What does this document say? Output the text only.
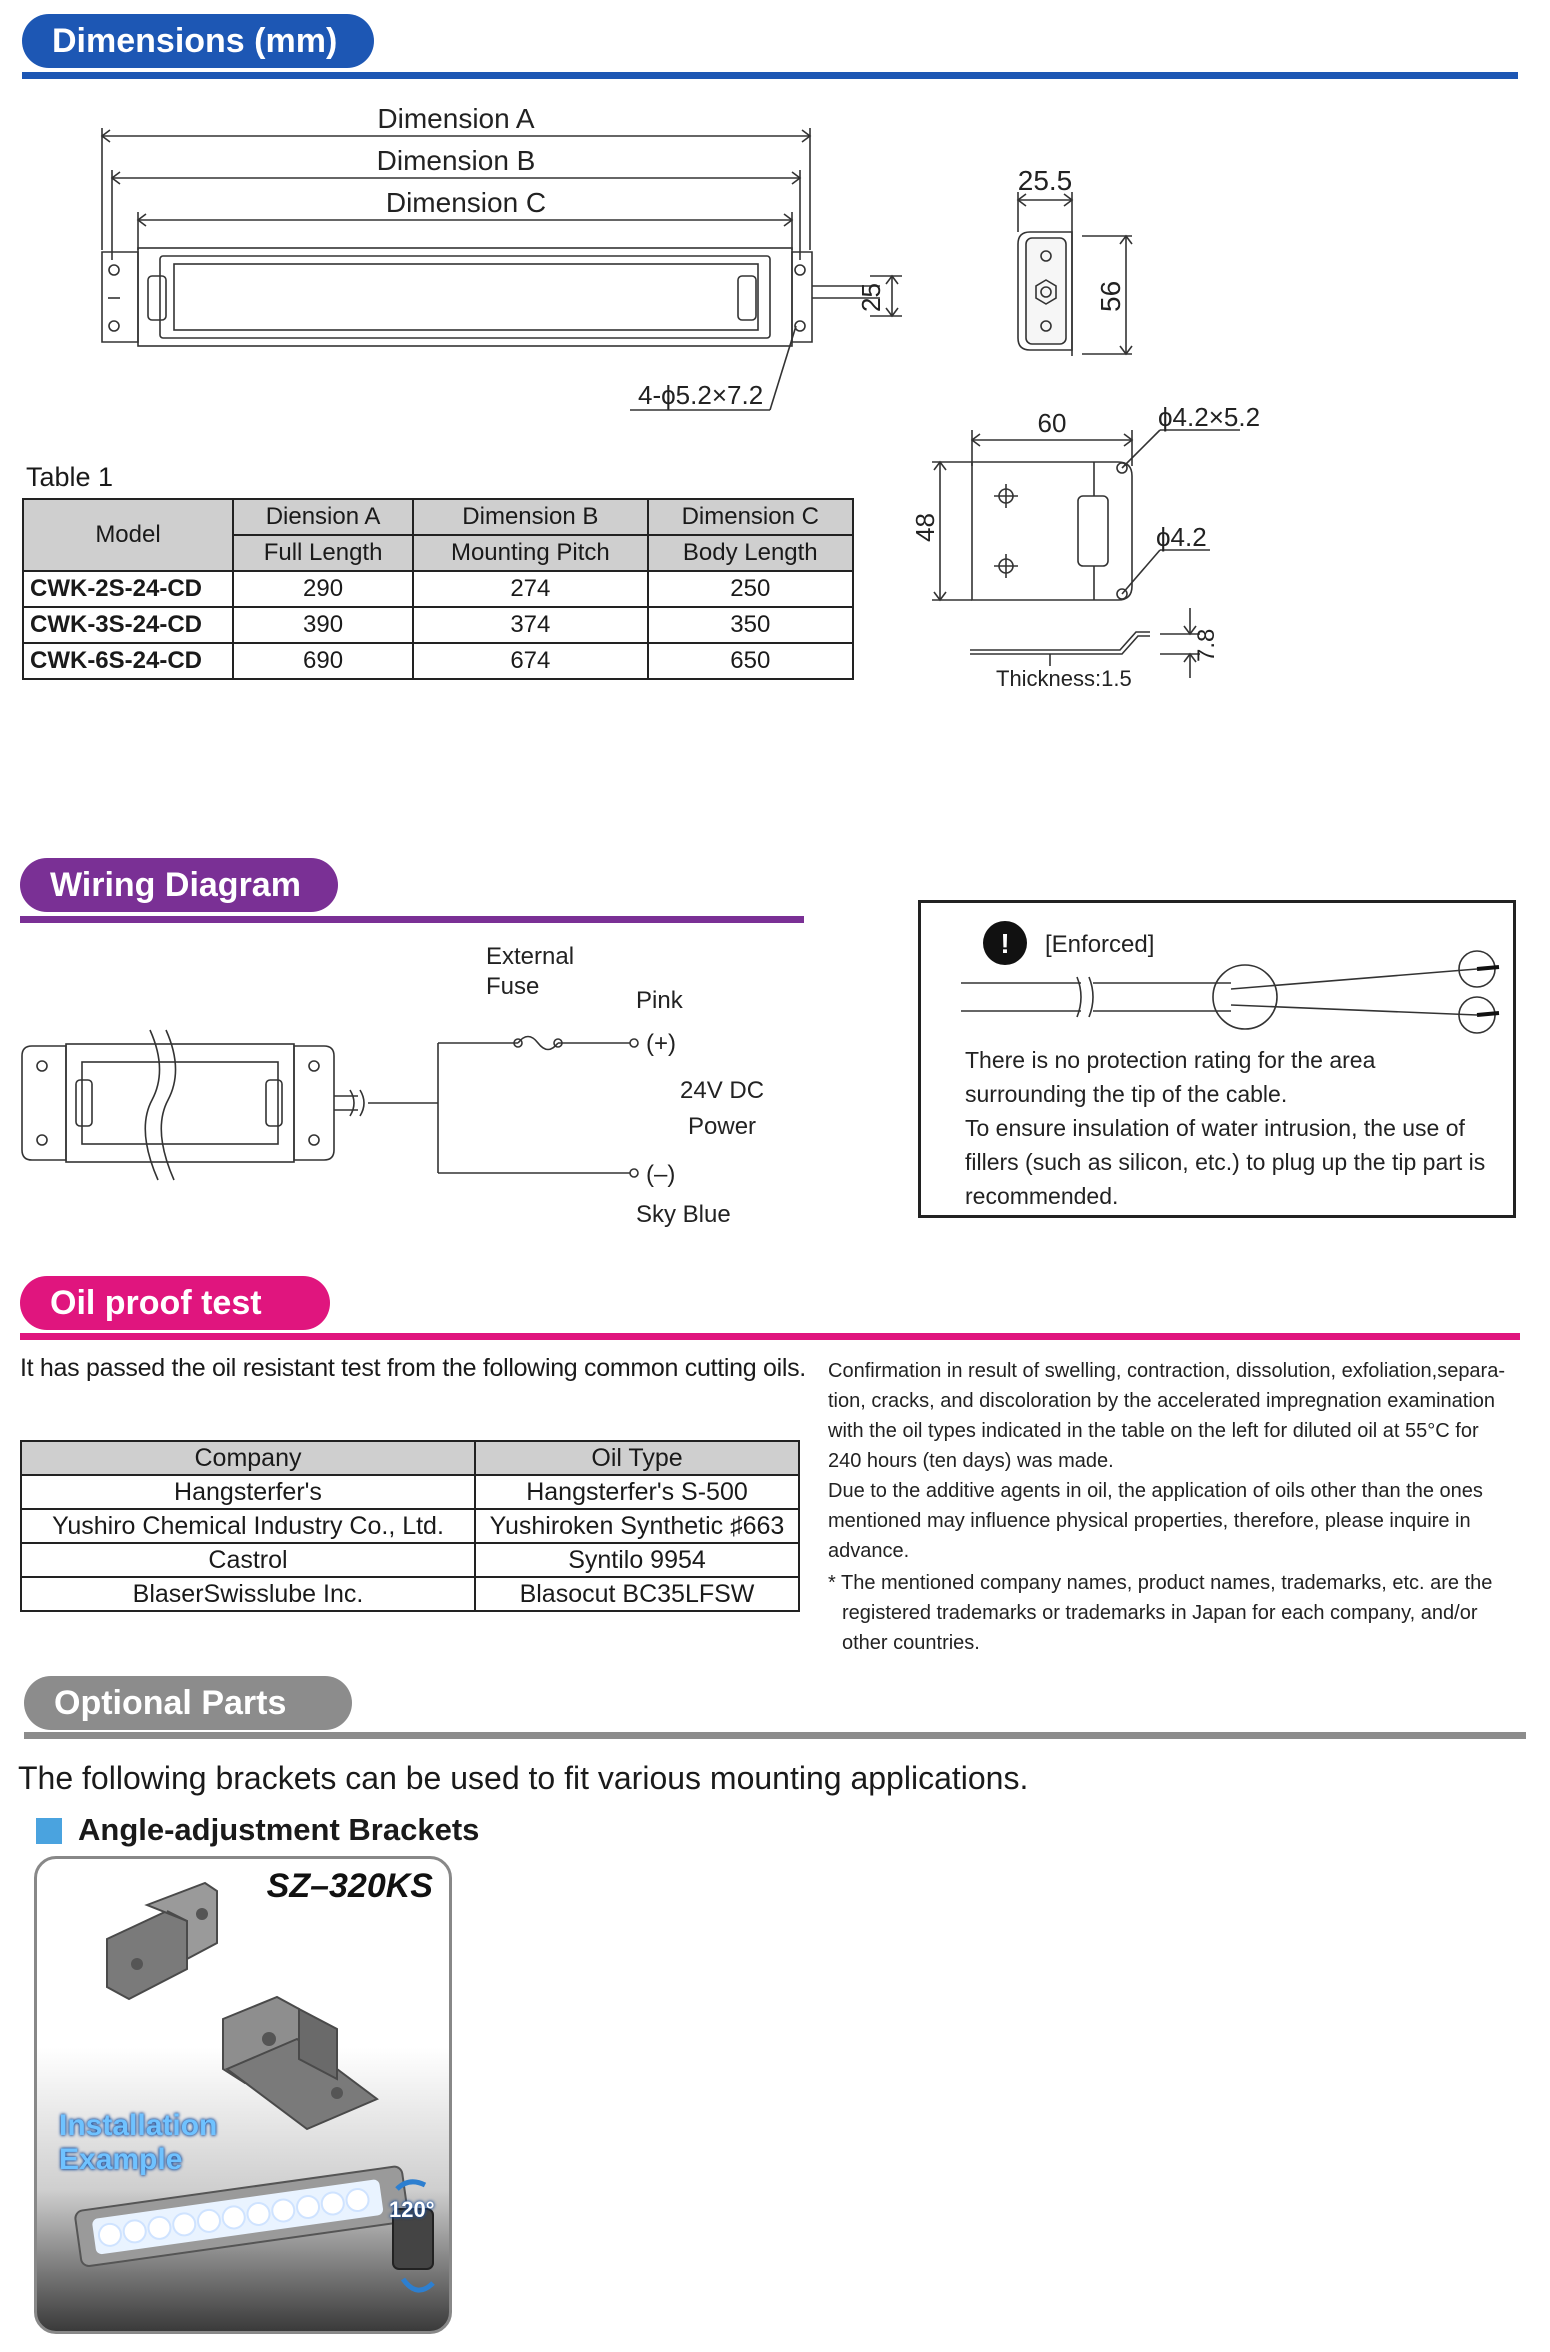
Dimensions (mm)
Dimension A
Dimension B
Dimension C
25
4-ϕ5.2×7.2
25.5
56
60	ϕ4.2×5.2
48	ϕ4.2
7.8
Thickness:1.5
Table 1
Model	Diension A	Dimension B	Dimension C
	Full Length	Mounting Pitch	Body Length
CWK-2S-24-CD	290	274	250
CWK-3S-24-CD	390	374	350
CWK-6S-24-CD	690	674	650
Wiring Diagram
External
Fuse
Pink
(+)
24V DC
Power
(–)
Sky Blue
! [Enforced]
There is no protection rating for the area
surrounding the tip of the cable.
To ensure insulation of water intrusion, the use of
fillers (such as silicon, etc.) to plug up the tip part is
recommended.
Oil proof test
It has passed the oil resistant test from the following common cutting oils.
Company	Oil Type
Hangsterfer's	Hangsterfer's S-500
Yushiro Chemical Industry Co., Ltd.	Yushiroken Synthetic ♯663
Castrol	Syntilo 9954
BlaserSwisslube Inc.	Blasocut BC35LFSW
Confirmation in result of swelling, contraction, dissolution, exfoliation,separa-
tion, cracks, and discoloration by the accelerated impregnation examination
with the oil types indicated in the table on the left for diluted oil at 55°C for
240 hours (ten days) was made.
Due to the additive agents in oil, the application of oils other than the ones
mentioned may influence physical properties, therefore, please inquire in
advance.
* The mentioned company names, product names, trademarks, etc. are the
registered trademarks or trademarks in Japan for each company, and/or
other countries.
Optional Parts
The following brackets can be used to fit various mounting applications.
Angle-adjustment Brackets
SZ–320KS
Installation
Example
120°
